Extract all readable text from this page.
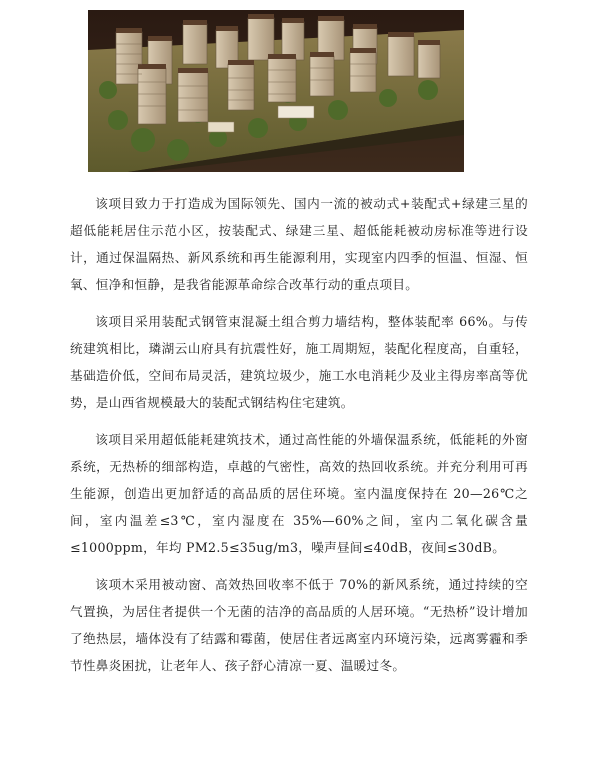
该项目致力于打造成为国际领先、国内一流的被动式+装配式+绿建三星的超低能耗居住示范小区，按装配式、绿建三星、超低能耗被动房标准等进行设计，通过保温隔热、新风系统和再生能源利用，实现室内四季的恒温、恒湿、恒氧、恒净和恒静，是我省能源革命综合改革行动的重点项目。

该项目采用装配式钢管束混凝土组合剪力墙结构，整体装配率 66%。与传统建筑相比，璘湖云山府具有抗震性好，施工周期短，装配化程度高，自重轻，基础造价低，空间布局灵活，建筑垃圾少，施工水电消耗少及业主得房率高等优势，是山西省规模最大的装配式钢结构住宅建筑。

该项目采用超低能耗建筑技术，通过高性能的外墙保温系统，低能耗的外窗系统，无热桥的细部构造，卓越的气密性，高效的热回收系统。并充分利用可再生能源，创造出更加舒适的高品质的居住环境。室内温度保持在 20—26℃之间，室内温差≤3℃，室内湿度在 35%—60%之间，室内二氧化碳含量≤1000ppm，年均 PM2.5≤35ug/m3，噪声昼间≤40dB，夜间≤30dB。

该项木采用被动窗、高效热回收率不低于 70%的新风系统，通过持续的空气置换，为居住者提供一个无菌的洁净的高品质的人居环境。“无热桥”设计增加了绝热层，墙体没有了结露和霉菌，使居住者远离室内环境污染，远离雾霾和季节性鼻炎困扰，让老年人、孩子舒心清凉一夏、温暖过冬。
